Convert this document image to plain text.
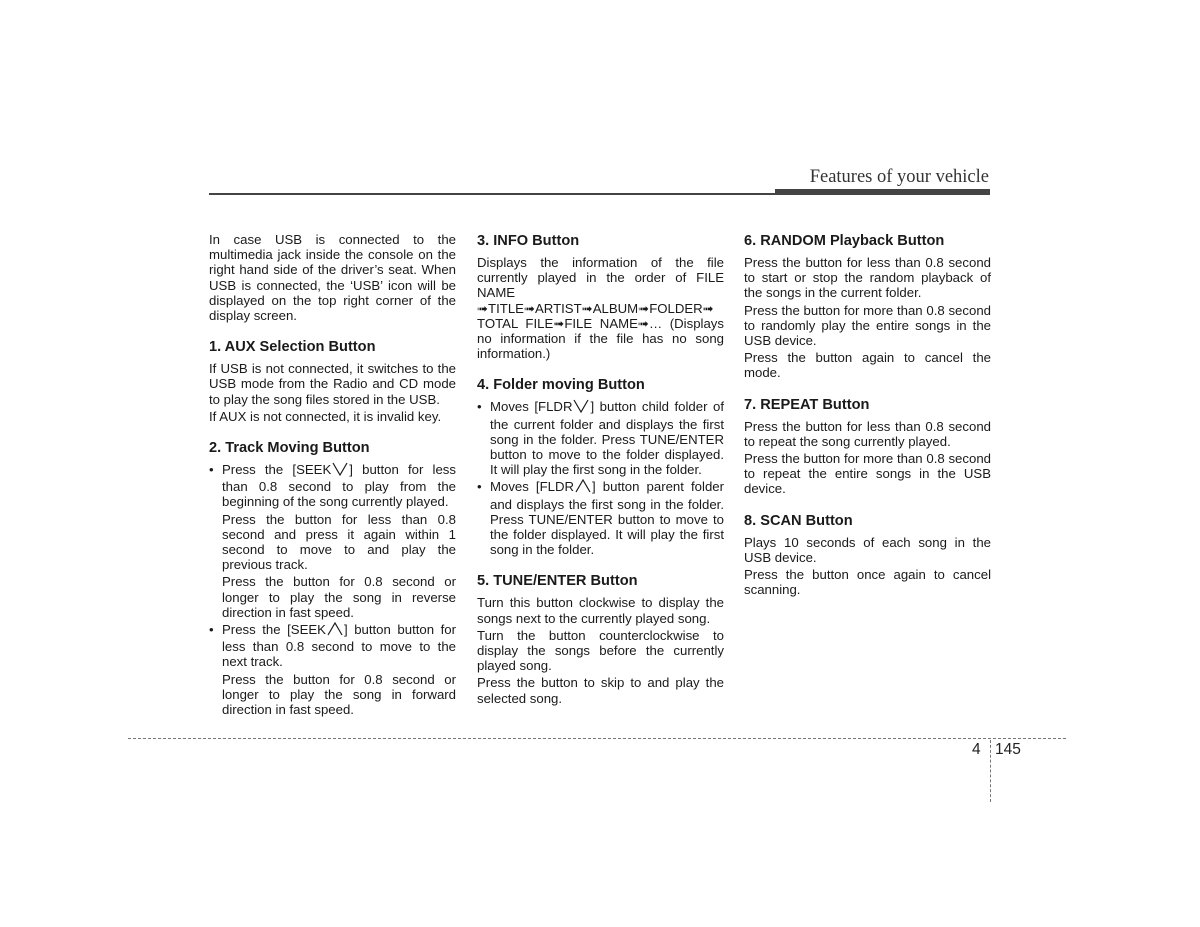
Features of your vehicle

In case USB is connected to the multimedia jack inside the console on the right hand side of the driver’s seat. When USB is connected, the ‘USB’ icon will be displayed on the top right corner of the display screen.

1. AUX Selection Button

If USB is not connected, it switches to the USB mode from the Radio and CD mode to play the song files stored in the USB.

If AUX is not connected, it is invalid key.

2. Track Moving Button
• Press the [SEEK ] button for less than 0.8 second to play from the beginning of the song currently played.

Press the button for less than 0.8 second and press it again within 1 second to move to and play the previous track.

Press the button for 0.8 second or longer to play the song in reverse direction in fast speed.

• Press the [SEEK ] button button for less than 0.8 second to move to the next track.

Press the button for 0.8 second or longer to play the song in forward direction in fast speed.

3. INFO Button

Displays the information of the file currently played in the order of FILE NAME
➟TITLE➟ARTIST➟ALBUM➟FOLDER➟
TOTAL FILE➟FILE NAME➟… (Displays no information if the file has no song information.)

4. Folder moving Button
• Moves [FLDR ] button child folder of the current folder and displays the first song in the folder. Press TUNE/ENTER button to move to the folder displayed. It will play the first song in the folder.
• Moves [FLDR ] button parent folder and displays the first song in the folder. Press TUNE/ENTER button to move to the folder displayed. It will play the first song in the folder.
5. TUNE/ENTER Button

Turn this button clockwise to display the songs next to the currently played song.

Turn the button counterclockwise to display the songs before the currently played song.

Press the button to skip to and play the selected song.

6. RANDOM Playback Button

Press the button for less than 0.8 second to start or stop the random playback of the songs in the current folder.

Press the button for more than 0.8 second to randomly play the entire songs in the USB device.

Press the button again to cancel the mode.

7. REPEAT Button

Press the button for less than 0.8 second to repeat the song currently played.

Press the button for more than 0.8 second to repeat the entire songs in the USB device.

8. SCAN Button

Plays 10 seconds of each song in the USB device.

Press the button once again to cancel scanning.

4 145
